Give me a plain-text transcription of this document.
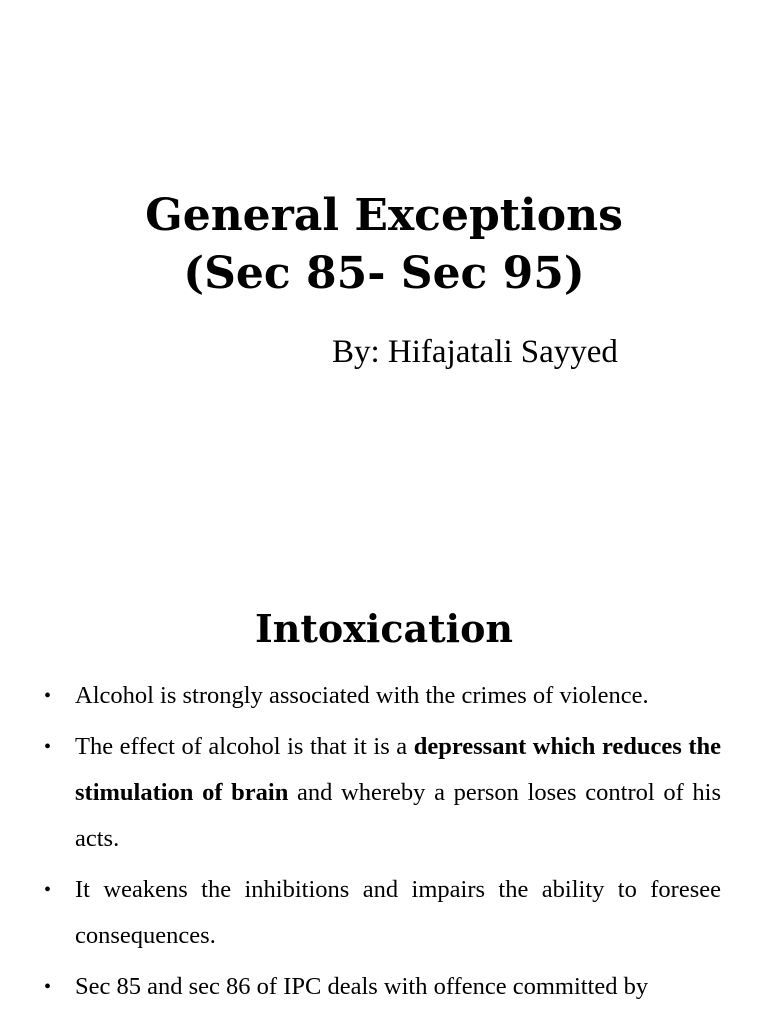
General Exceptions
(Sec 85- Sec 95)

By: Hifajatali Sayyed

Intoxication
• Alcohol is strongly associated with the crimes of violence.
• The effect of alcohol is that it is a depressant which reduces the stimulation of brain and whereby a person loses control of his acts.
• It weakens the inhibitions and impairs the ability to foresee consequences.
• Sec 85 and sec 86 of IPC deals with offence committed by
